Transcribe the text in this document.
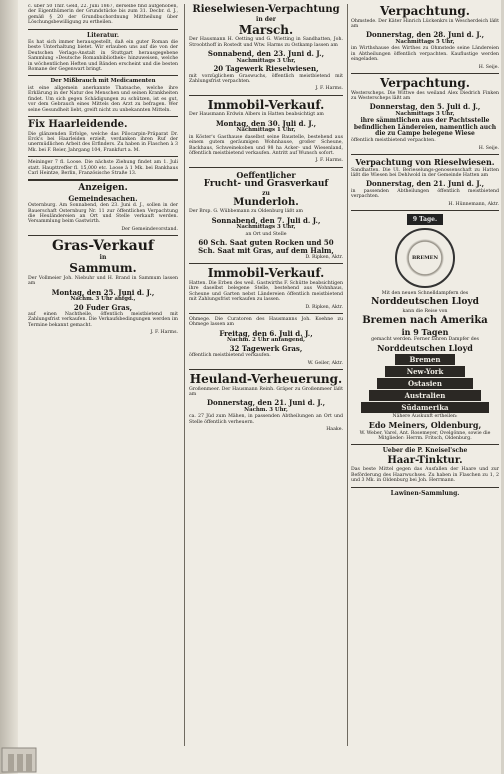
c. über 50 Thlr. Geld, 22. Juni 1867, derselbe find aufgehoben, der Eigenthümerin der Grundstücke bis zum 31. Decbr. d. J., gemäß § 20 der Grundbuchordnung Mittheilung über Löschungsbewilligung zu ertheilen.

Literatur.

Es hat sich immer herausgestellt, daß ein guter Roman die beste Unterhaltung bietet. Wir erlauben uns auf die von der Deutschen Verlags-Anstalt in Stuttgart herausgegebene Sammlung »Deutsche Romanbibliothek« hinzuweisen, welche in wöchentlichen Heften und Bänden erscheint und die besten Romane der Gegenwart bringt.

Der Mißbrauch mit Medicamenten

ist eine allgemein anerkannte Thatsache, welche ihre Erklärung in der Natur des Menschen und seinen Krankheiten findet. Um sich gegen Schädigungen zu schützen, ist es gut, vor dem Gebrauch eines Mittels den Arzt zu befragen. Wer seine Gesundheit liebt, greift nicht zu unbekannten Mitteln.

Fix Haarleidende.

Die glänzenden Erfolge, welche das Pilocarpin-Präparat Dr. Erck's bei Haarleiden erzielt, verdanken ihren Ruf der unermüdlichen Arbeit des Erfinders. Zu haben in Flaschen à 3 Mk. bei F. Reier, Jahrgang 104, Frankfurt a. M.

Meininger 7 fl. Loose. Die nächste Ziehung findet am 1. Juli statt. Haupttreffer fl. 15,000 etc. Loose à 1 Mk. bei Bankhaus Carl Heintze, Berlin, Französische Straße 13.

Anzeigen.
Gemeindesachen.

Osternburg. Am Sonnabend, den 23. Juni d. J., sollen in der Bauerschaft Osternburg Nr. 11 zur öffentlichen Verpachtung die Heuländereien an Ort und Stelle verkauft werden. Versammlung beim Gastwirth.

Der Gemeindevorstand.
Gras-Verkauf
in
Sammum.

Der Vollmeier Joh. Niebuhr und H. Brand in Sammum lassen am

Montag, den 25. Juni d. J.,
Nachm. 3 Uhr anfgd.,
20 Fuder Gras,

auf einen Nachtheile, öffentlich meistbietend mit Zahlungsfrist verkaufen. Die Verkaufsbedingungen werden im Termine bekannt gemacht.

J. F. Harms.
Rieselwiesen-Verpachtung
in der
Marsch.

Der Hausmann H. Oetting und G. Wietting in Sandhatten, Joh. Stroobthoff in Rostedt und Wtw. Harms zu Ostkamp lassen am

Sonnabend, den 23. Juni d. J.,
Nachmittags 3 Uhr,
20 Tagewerk Rieselwiesen,

mit vorzüglichem Graswuchs, öffentlich meistbietend mit Zahlungsfrist verpachten.

J. F. Harms.
Immobil-Verkauf.

Der Hausmann Erdwin Albers in Hatten beabsichtigt am

Montag, den 30. Juli d. J.,
Nachmittags 1 Uhr,

in Köster's Gasthause daselbst seine Baustelle, bestehend aus einem gutem geräumigen Wohnhause, großer Scheune, Backhaus, Schweinekoben und 98 ha Acker- und Wiesenland, öffentlich meistbietend verkaufen. Antritt auf Wunsch sofort.

J. F. Harms.
Oeffentlicher
Frucht- und Grasverkauf
zu
Munderloh.

Der Brsp. G. Wübbemann zu Oldenburg läßt am

Sonnabend, den 7. Juli d. J.,
Nachmittags 3 Uhr,

an Ort und Stelle

60 Sch. Saat guten Rocken und 50 Sch. Saat mit Gras, auf dem Halm,
D. Ripken, Aktr.
Immobil-Verkauf.

Hatten. Die Erben des weil. Gastwirths F. Schütte beabsichtigen ihre daselbst belegene Stelle, bestehend aus Wohnhaus, Scheune und Garten nebst Ländereien öffentlich meistbietend mit Zahlungsfrist verkaufen zu lassen.

D. Ripken, Aktr.

Ohmege. Die Curatoren des Hausmanns Joh. Koehne zu Ohmege lassen am

Freitag, den 6. Juli d. J.,
Nachm. 2 Uhr anfangend,
32 Tagewerk Gras,

öffentlich meistbietend verkaufen.

W. Geiler, Aktr.
Heuland-Verheuerung.

Großenmeer. Der Hausmann Reinh. Gräper zu Großenmeer läßt am

Donnerstag, den 21. Juni d. J.,
Nachm. 3 Uhr,

ca. 27 Jüd zum Mähen, in passenden Abtheilungen an Ort und Stelle öffentlich verheuern.

Haake.
Verpachtung.

Ohmstede. Der Käter Hinrich Lückenkrs in Wescherdeich läßt am

Donnerstag, den 28. Juni d. J.,
Nachmittags 5 Uhr,

im Wirthshause des Wirthes zu Ohmstede seine Ländereien in Abtheilungen öffentlich verpachten. Kauflustige werden eingeladen.

H. Seije.
Verpachtung.

Westerscheps. Die Wittwe des weiland Alex Diedrich Finken zu Westerscheps läßt am

Donnerstag, den 5. Juli d. J.,
Nachmittags 3 Uhr,
ihre sämmtlichen aus der Pachtsstelle befindlichen Ländereien, namentlich auch die zu Campe belegene Wiese

öffentlich meistbietend verpachten.

H. Seije.
Verpachtung von Rieselwiesen.

Sandhatten. Die Ul. Berieselungs-genossenschaft zu Hatten läßt die Wiesen bei Dehlwold in der Gemeinde Hatten am

Donnerstag, den 21. Juni d. J.,

in passenden Abtheilungen öffentlich meistbietend verpachten.

H. Hünnemann, Aktr.
9 Tage.
BREMEN

Mit den neuen Schnelldampfern des

Norddeutschen Lloyd

kann die Reise von

Bremen nach Amerika
in 9 Tagen

gemacht werden. Ferner fahren Dampfer des

Norddeutschen Lloyd
Bremen
New-York
Ostasien
Australien
Südamerika

Nähere Auskunft ertheilen:

Edo Meiners, Oldenburg,

W. Weber, Varel, Ant. Rosemeyer, Ovelgönne, sowie die Mitglieder: Herrm. Fritsch, Oldenburg.

Ueber die P. Kneisel'sche
Haar-Tinktur.

Das beste Mittel gegen das Ausfallen der Haare und zur Beförderung des Haarwuchses. Zu haben in Flaschen zu 1, 2 und 3 Mk. in Oldenburg bei Joh. Herrmann.

Lawinen-Sammlung.
